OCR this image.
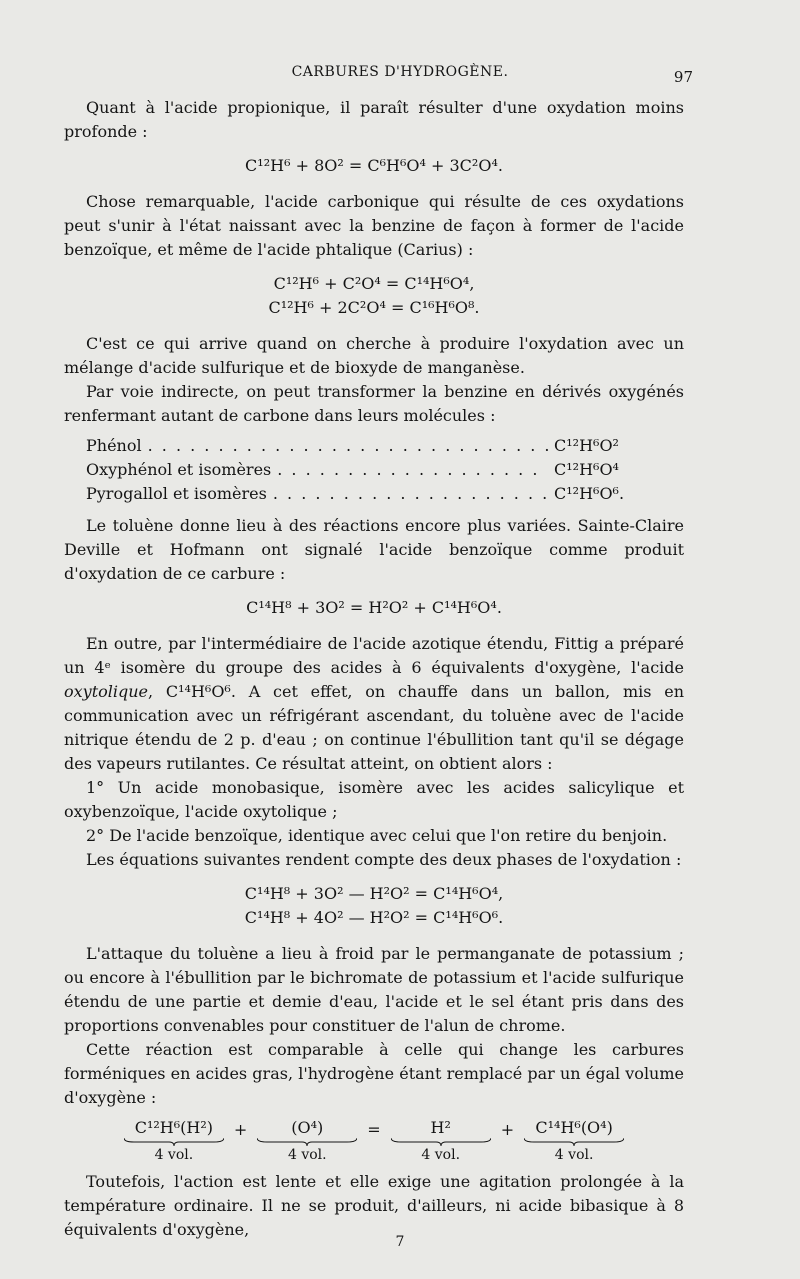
CARBURES D'HYDROGÈNE.	97

Quant à l'acide propionique, il paraît résulter d'une oxydation moins profonde :

C¹²H⁶ + 8O² = C⁶H⁶O⁴ + 3C²O⁴.

Chose remarquable, l'acide carbonique qui résulte de ces oxydations peut s'unir à l'état naissant avec la benzine de façon à former de l'acide benzoïque, et même de l'acide phtalique (Carius) :

C¹²H⁶ + C²O⁴ = C¹⁴H⁶O⁴,
C¹²H⁶ + 2C²O⁴ = C¹⁶H⁶O⁸.

C'est ce qui arrive quand on cherche à produire l'oxydation avec un mélange d'acide sulfurique et de bioxyde de manganèse.

Par voie indirecte, on peut transformer la benzine en dérivés oxygénés renfermant autant de carbone dans leurs molécules :

Phénol . . .	C¹²H⁶O²
Oxyphénol et isomères . . .	C¹²H⁶O⁴
Pyrogallol et isomères . . .	C¹²H⁶O⁶.

Le toluène donne lieu à des réactions encore plus variées. Sainte-Claire Deville et Hofmann ont signalé l'acide benzoïque comme produit d'oxydation de ce carbure :

C¹⁴H⁸ + 3O² = H²O² + C¹⁴H⁶O⁴.

En outre, par l'intermédiaire de l'acide azotique étendu, Fittig a préparé un 4ᵉ isomère du groupe des acides à 6 équivalents d'oxygène, l'acide oxytolique, C¹⁴H⁶O⁶. A cet effet, on chauffe dans un ballon, mis en communication avec un réfrigérant ascendant, du toluène avec de l'acide nitrique étendu de 2 p. d'eau ; on continue l'ébullition tant qu'il se dégage des vapeurs rutilantes. Ce résultat atteint, on obtient alors :

1° Un acide monobasique, isomère avec les acides salicylique et oxybenzoïque, l'acide oxytolique ;

2° De l'acide benzoïque, identique avec celui que l'on retire du benjoin.

Les équations suivantes rendent compte des deux phases de l'oxydation :

C¹⁴H⁸ + 3O² — H²O² = C¹⁴H⁶O⁴,
C¹⁴H⁸ + 4O² — H²O² = C¹⁴H⁶O⁶.

L'attaque du toluène a lieu à froid par le permanganate de potassium ; ou encore à l'ébullition par le bichromate de potassium et l'acide sulfurique étendu de une partie et demie d'eau, l'acide et le sel étant pris dans des proportions convenables pour constituer de l'alun de chrome.

Cette réaction est comparable à celle qui change les carbures forméniques en acides gras, l'hydrogène étant remplacé par un égal volume d'oxygène :

C¹²H⁶(H²)
4 vol.
+	(O⁴)
4 vol.
=	H²
4 vol.
+ C¹⁴H⁶(O⁴)
4 vol.

Toutefois, l'action est lente et elle exige une agitation prolongée à la température ordinaire. Il ne se produit, d'ailleurs, ni acide bibasique à 8 équivalents d'oxygène,

7
